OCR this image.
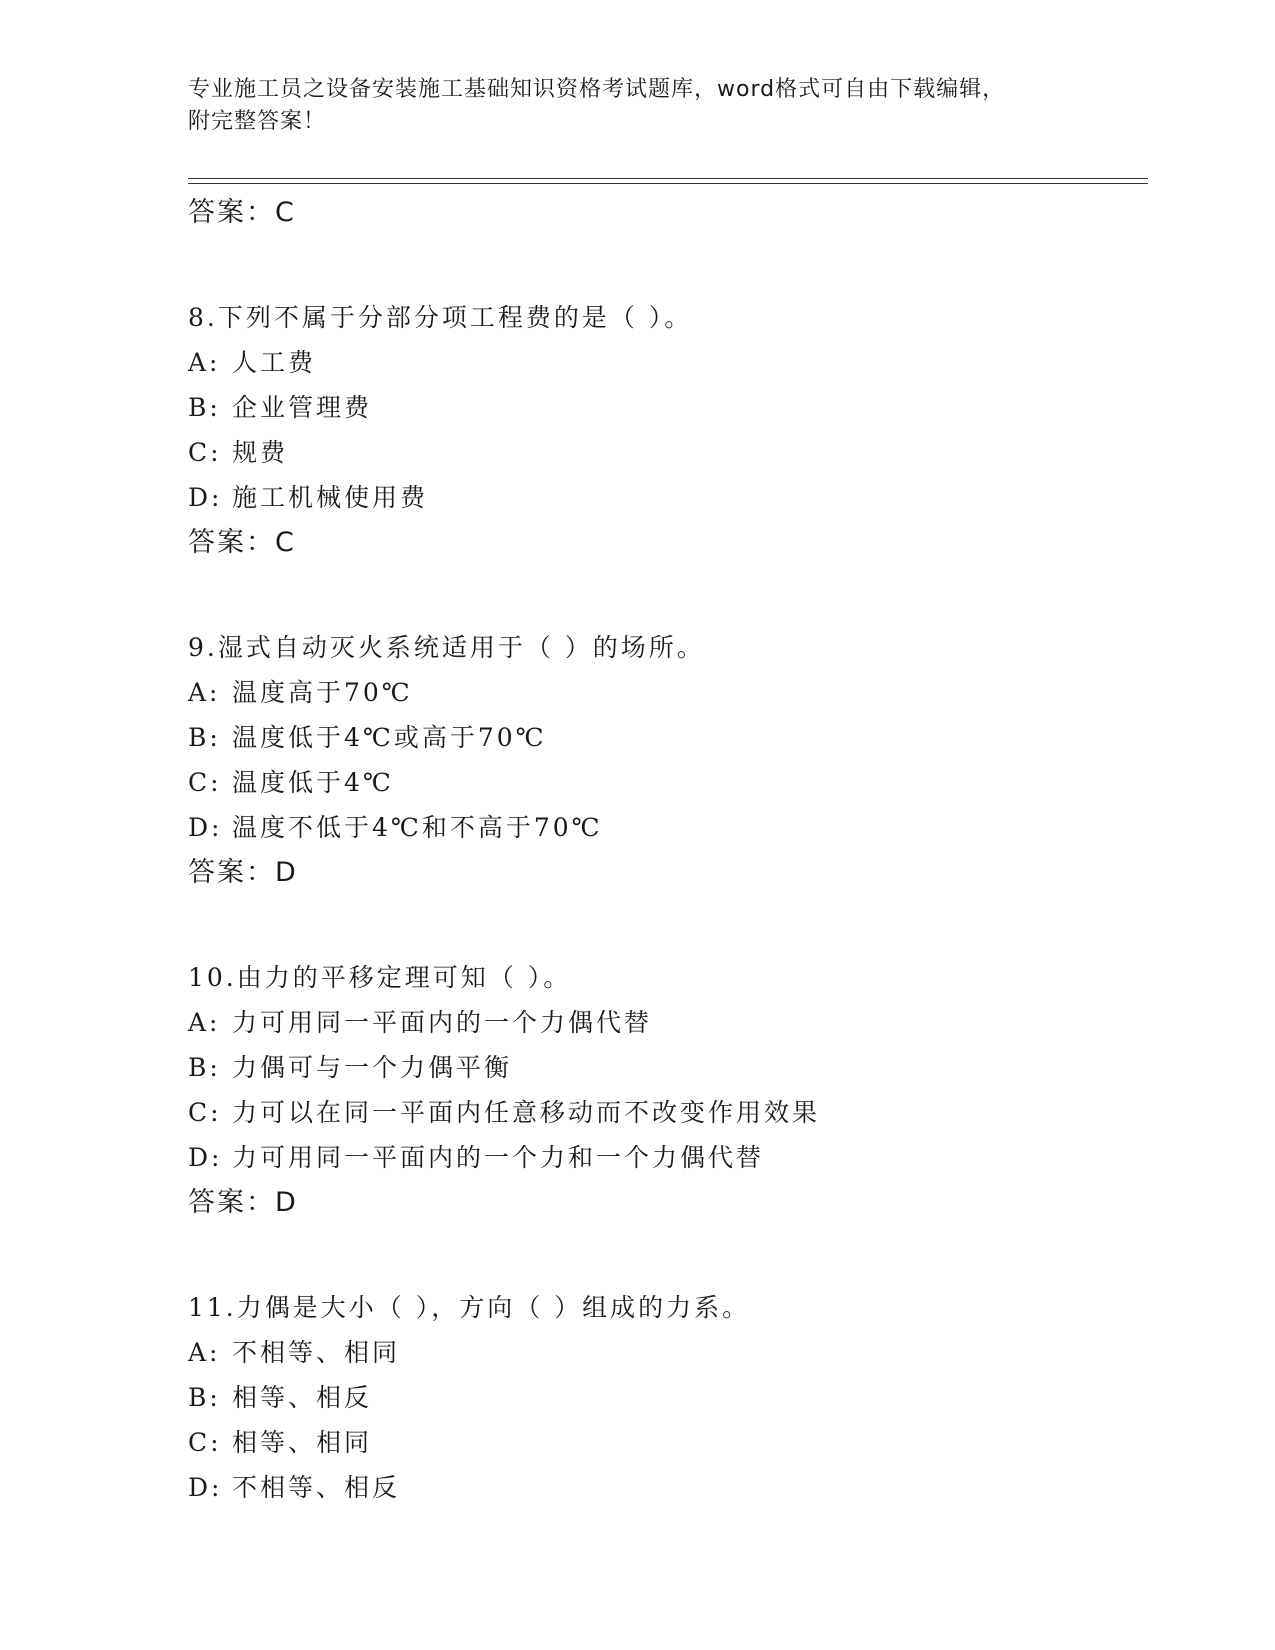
专业施工员之设备安装施工基础知识资格考试题库，word格式可自由下载编辑，
附完整答案！
答案：C
8.下列不属于分部分项工程费的是（ ）。
A: 人工费
B: 企业管理费
C: 规费
D: 施工机械使用费
答案：C
9.湿式自动灭火系统适用于（ ）的场所。
A: 温度高于70℃
B: 温度低于4℃或高于70℃
C: 温度低于4℃
D: 温度不低于4℃和不高于70℃
答案：D
10.由力的平移定理可知（ ）。
A: 力可用同一平面内的一个力偶代替
B: 力偶可与一个力偶平衡
C: 力可以在同一平面内任意移动而不改变作用效果
D: 力可用同一平面内的一个力和一个力偶代替
答案：D
11.力偶是大小（ ），方向（ ）组成的力系。
A: 不相等、相同
B: 相等、相反
C: 相等、相同
D: 不相等、相反
